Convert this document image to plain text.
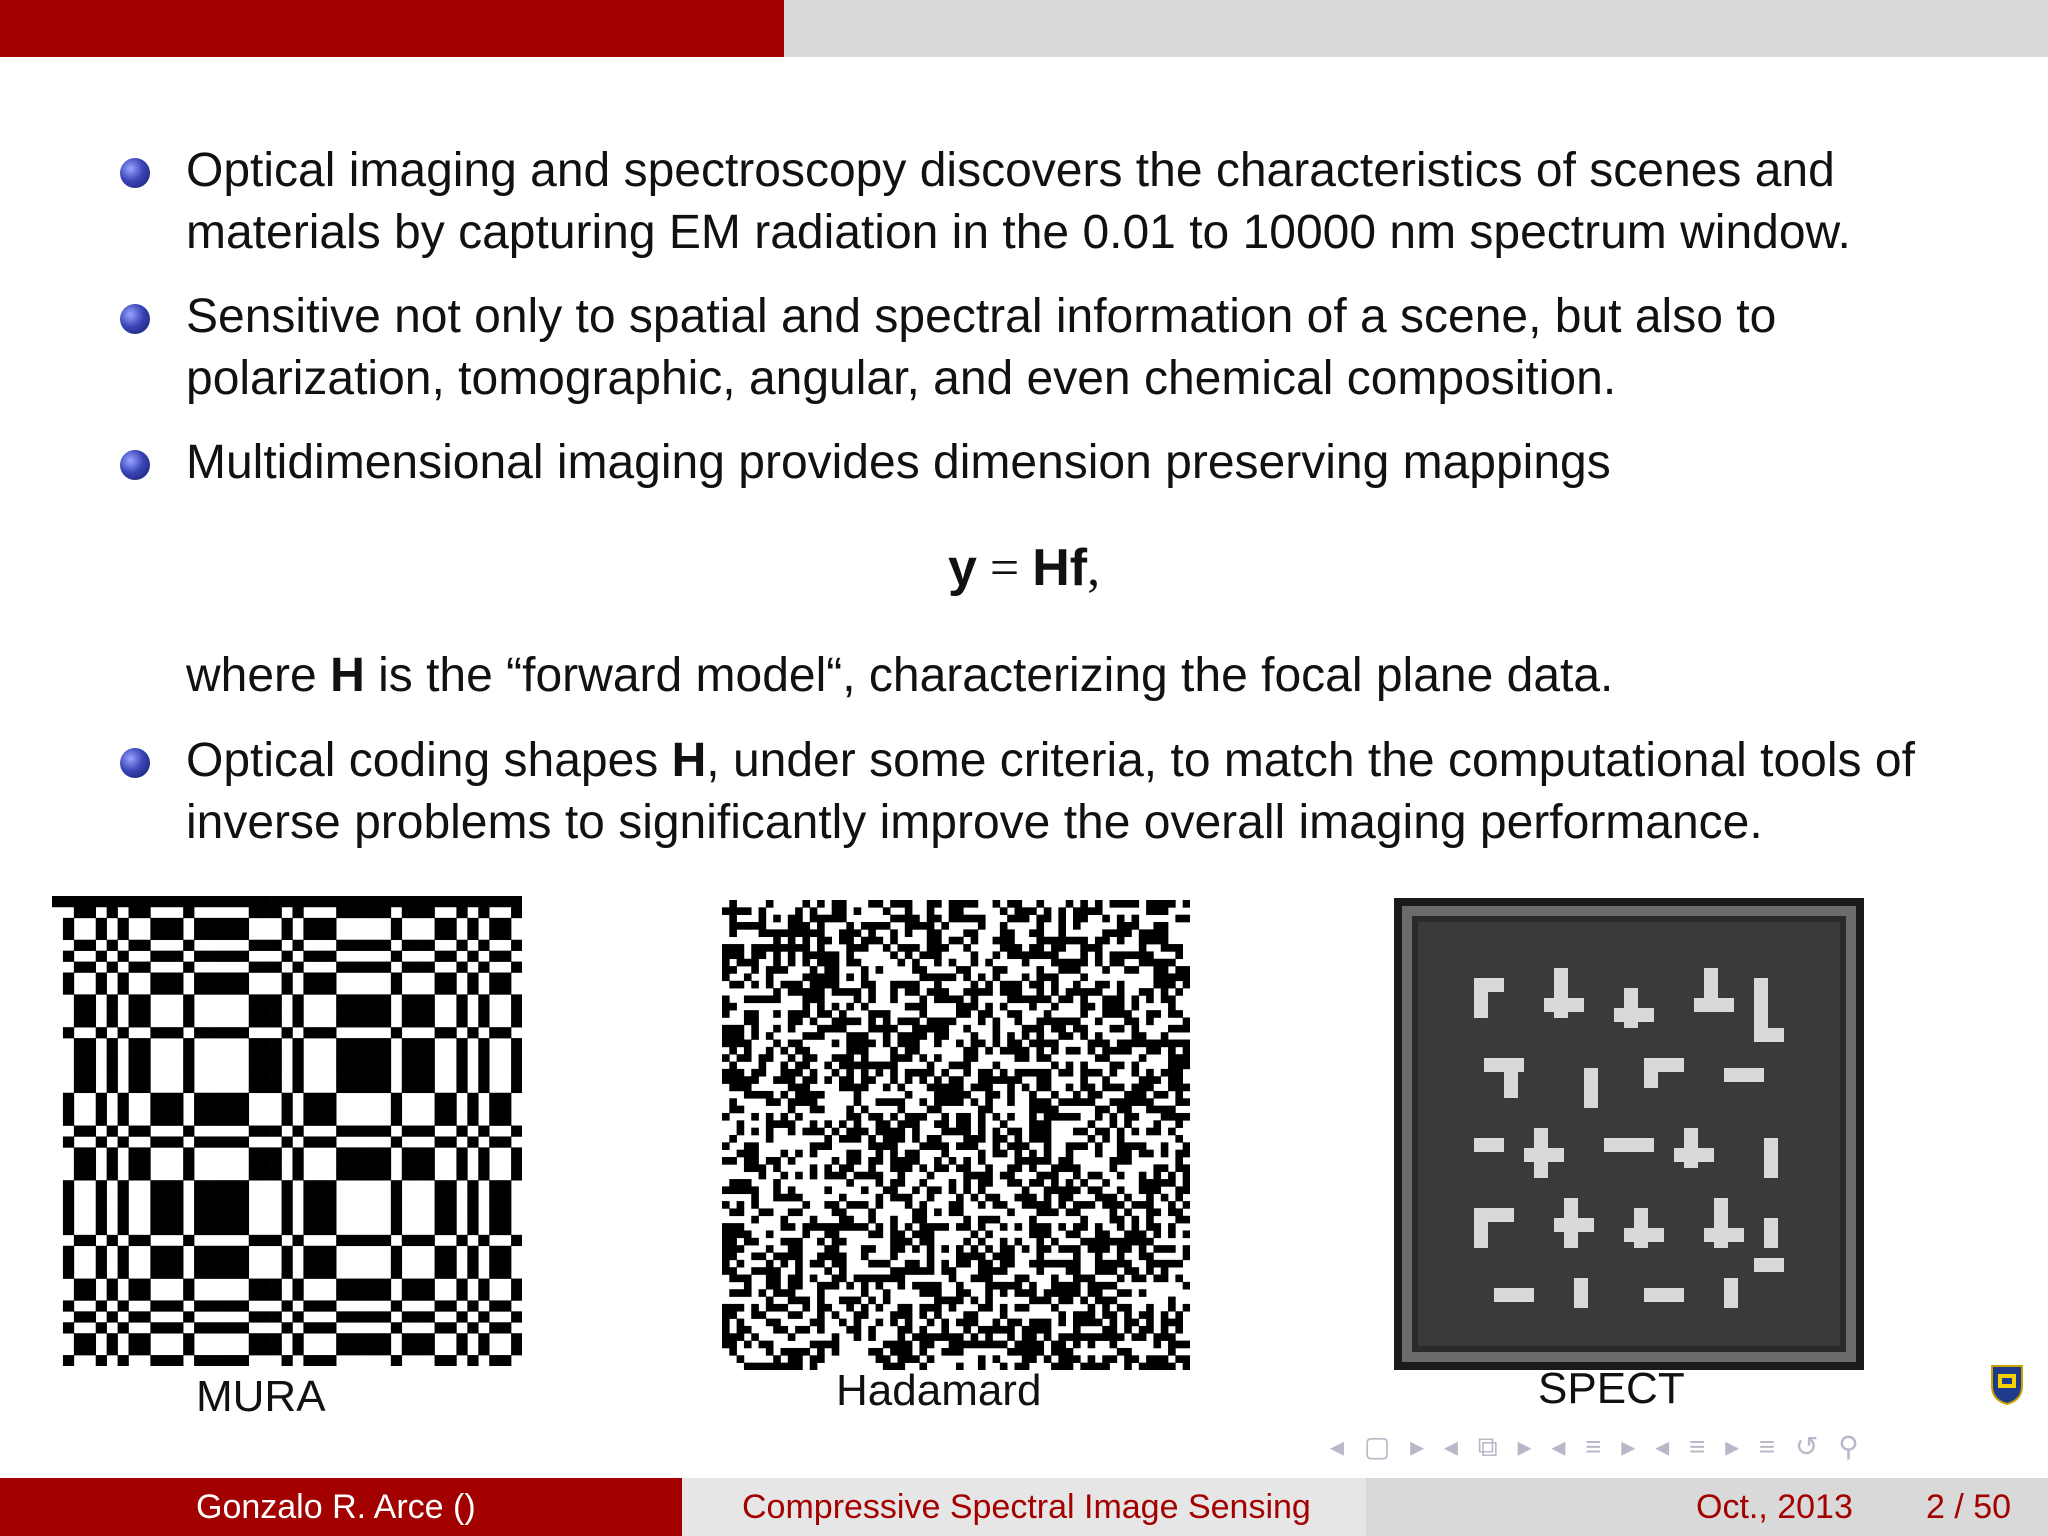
Optical imaging and spectroscopy discovers the characteristics of scenes and materials by capturing EM radiation in the 0.01 to 10000 nm spectrum window.
Sensitive not only to spatial and spectral information of a scene, but also to polarization, tomographic, angular, and even chemical composition.
Multidimensional imaging provides dimension preserving mappings
y = Hf,
where H is the “forward model“, characterizing the focal plane data.
Optical coding shapes H, under some criteria, to match the computational tools of inverse problems to significantly improve the overall imaging performance.
MURA	Hadamard	SPECT
◂ ▢ ▸ ◂ ⧉ ▸ ◂ ≡ ▸ ◂ ≡ ▸ ≡ ↺ ⚲
Gonzalo R. Arce ()	Compressive Spectral Image Sensing	Oct., 2013 2 / 50
